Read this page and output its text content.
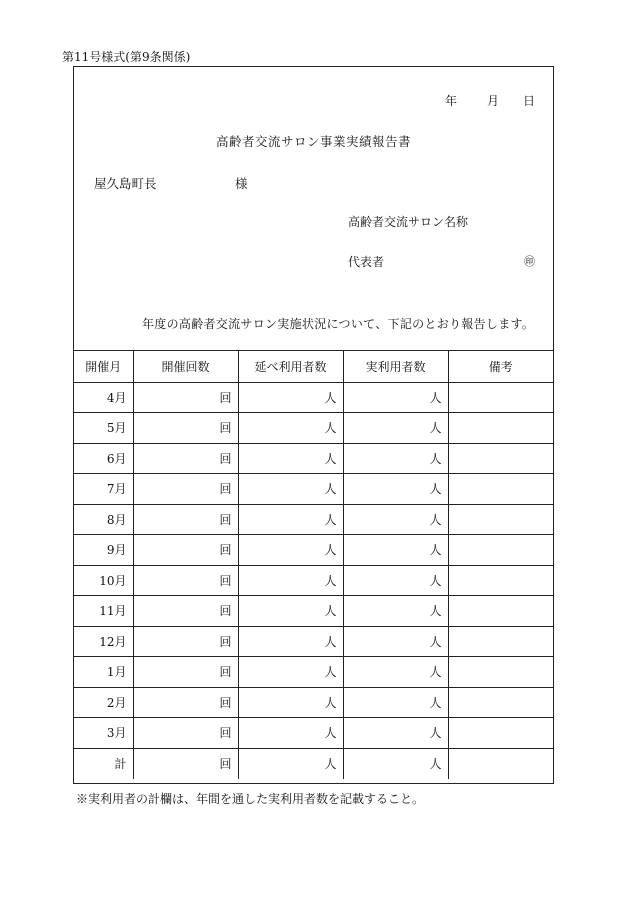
第11号様式(第9条関係)
年	月 日
高齢者交流サロン事業実績報告書
屋久島町長	様
高齢者交流サロン名称
代表者	㊞
年度の高齢者交流サロン実施状況について、下記のとおり報告します。
開催月	開催回数	延べ利用者数	実利用者数	備考
4月	回	人	人	
5月	回	人	人	
6月	回	人	人	
7月	回	人	人	
8月	回	人	人	
9月	回	人	人	
10月	回	人	人	
11月	回	人	人	
12月	回	人	人	
1月	回	人	人	
2月	回	人	人	
3月	回	人	人	
計	回	人	人	
※実利用者の計欄は、年間を通した実利用者数を記載すること。
